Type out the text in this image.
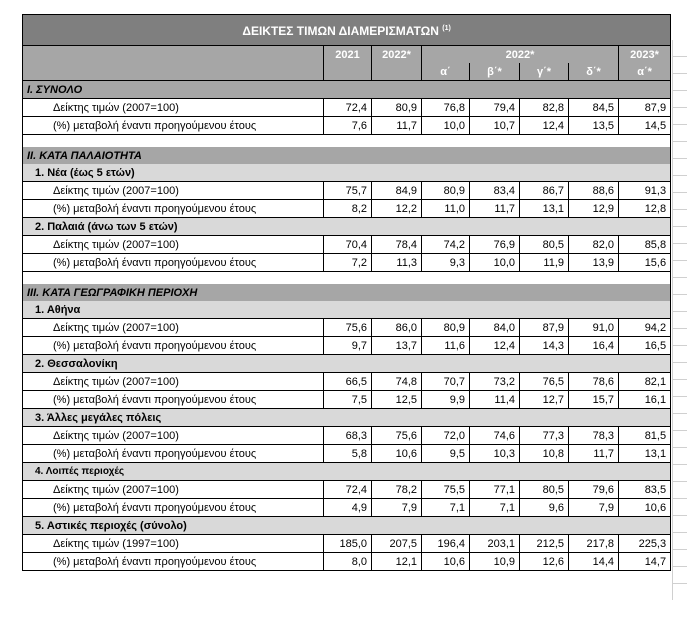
ΔΕΙΚΤΕΣ ΤΙΜΩΝ ΔΙΑΜΕΡΙΣΜΑΤΩΝ $^{(1)}$
	2021	2022*	2022*				2023*
			α΄	β΄*	γ΄*	δ΄*	α΄*
Ι. ΣΥΝΟΛΟ							
Δείκτης τιμών (2007=100)	72,4	80,9	76,8	79,4	82,8	84,5	87,9
(%) μεταβολή έναντι προηγούμενου έτους	7,6	11,7	10,0	10,7	12,4	13,5	14,5

ΙΙ. ΚΑΤΑ ΠΑΛΑΙΟΤΗΤΑ							
1. Νέα (έως 5 ετών)							
Δείκτης τιμών (2007=100)	75,7	84,9	80,9	83,4	86,7	88,6	91,3
(%) μεταβολή έναντι προηγούμενου έτους	8,2	12,2	11,0	11,7	13,1	12,9	12,8
2. Παλαιά (άνω των 5 ετών)							
Δείκτης τιμών (2007=100)	70,4	78,4	74,2	76,9	80,5	82,0	85,8
(%) μεταβολή έναντι προηγούμενου έτους	7,2	11,3	9,3	10,0	11,9	13,9	15,6

ΙΙΙ. ΚΑΤΑ ΓΕΩΓΡΑΦΙΚΗ ΠΕΡΙΟΧΗ							
1. Αθήνα							
Δείκτης τιμών (2007=100)	75,6	86,0	80,9	84,0	87,9	91,0	94,2
(%) μεταβολή έναντι προηγούμενου έτους	9,7	13,7	11,6	12,4	14,3	16,4	16,5
2. Θεσσαλονίκη							
Δείκτης τιμών (2007=100)	66,5	74,8	70,7	73,2	76,5	78,6	82,1
(%) μεταβολή έναντι προηγούμενου έτους	7,5	12,5	9,9	11,4	12,7	15,7	16,1
3. Άλλες μεγάλες πόλεις							
Δείκτης τιμών (2007=100)	68,3	75,6	72,0	74,6	77,3	78,3	81,5
(%) μεταβολή έναντι προηγούμενου έτους	5,8	10,6	9,5	10,3	10,8	11,7	13,1
4. Λοιπές περιοχές							
Δείκτης τιμών (2007=100)	72,4	78,2	75,5	77,1	80,5	79,6	83,5
(%) μεταβολή έναντι προηγούμενου έτους	4,9	7,9	7,1	7,1	9,6	7,9	10,6
5. Αστικές περιοχές (σύνολο)							
Δείκτης τιμών (1997=100)	185,0	207,5	196,4	203,1	212,5	217,8	225,3
(%) μεταβολή έναντι προηγούμενου έτους	8,0	12,1	10,6	10,9	12,6	14,4	14,7
